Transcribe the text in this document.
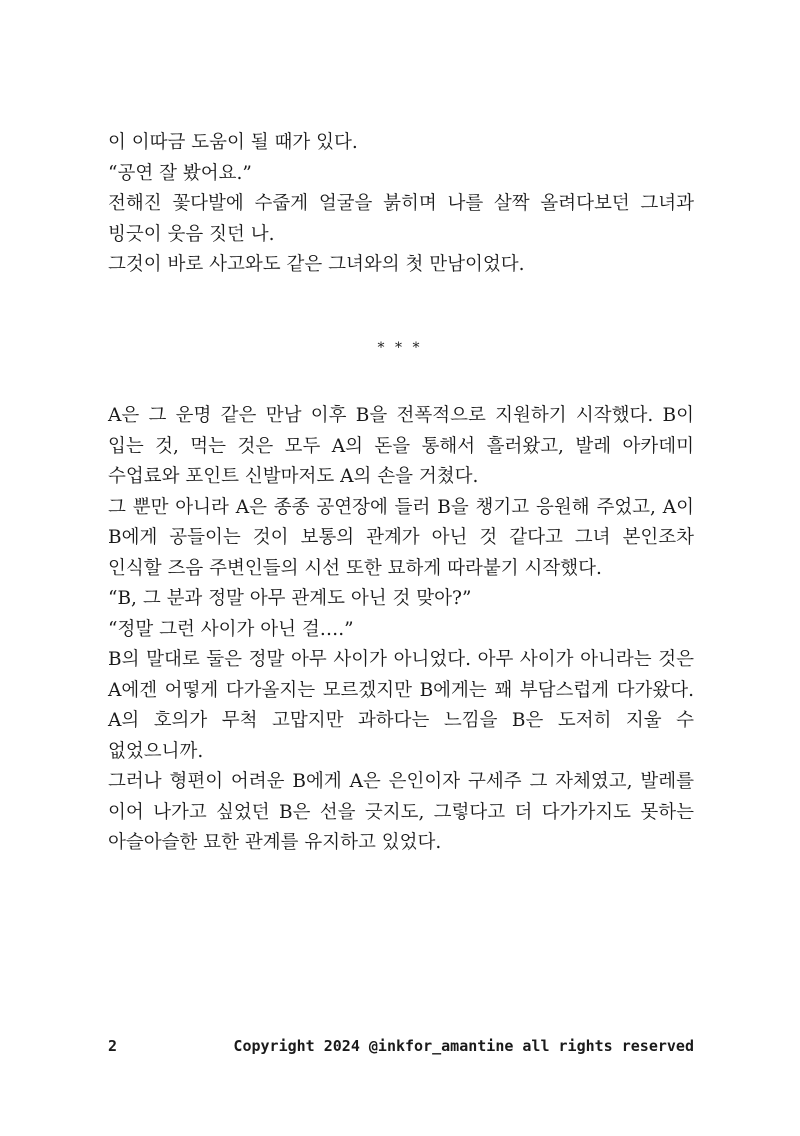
이 이따금 도움이 될 때가 있다.

“공연 잘 봤어요.”

전해진 꽃다발에 수줍게 얼굴을 붉히며 나를 살짝 올려다보던 그녀과 빙긋이 웃음 짓던 나.

그것이 바로 사고와도 같은 그녀와의 첫 만남이었다.

* * *

A은 그 운명 같은 만남 이후 B을 전폭적으로 지원하기 시작했다. B이 입는 것, 먹는 것은 모두 A의 돈을 통해서 흘러왔고, 발레 아카데미 수업료와 포인트 신발마저도 A의 손을 거쳤다.

그 뿐만 아니라 A은 종종 공연장에 들러 B을 챙기고 응원해 주었고, A이 B에게 공들이는 것이 보통의 관계가 아닌 것 같다고 그녀 본인조차 인식할 즈음 주변인들의 시선 또한 묘하게 따라붙기 시작했다.

“B, 그 분과 정말 아무 관계도 아닌 것 맞아?”

“정말 그런 사이가 아닌 걸….”

B의 말대로 둘은 정말 아무 사이가 아니었다. 아무 사이가 아니라는 것은 A에겐 어떻게 다가올지는 모르겠지만 B에게는 꽤 부담스럽게 다가왔다. A의 호의가 무척 고맙지만 과하다는 느낌을 B은 도저히 지울 수 없었으니까.

그러나 형편이 어려운 B에게 A은 은인이자 구세주 그 자체였고, 발레를 이어 나가고 싶었던 B은 선을 긋지도, 그렇다고 더 다가가지도 못하는 아슬아슬한 묘한 관계를 유지하고 있었다.

2	Copyright 2024 @inkfor_amantine all rights reserved
